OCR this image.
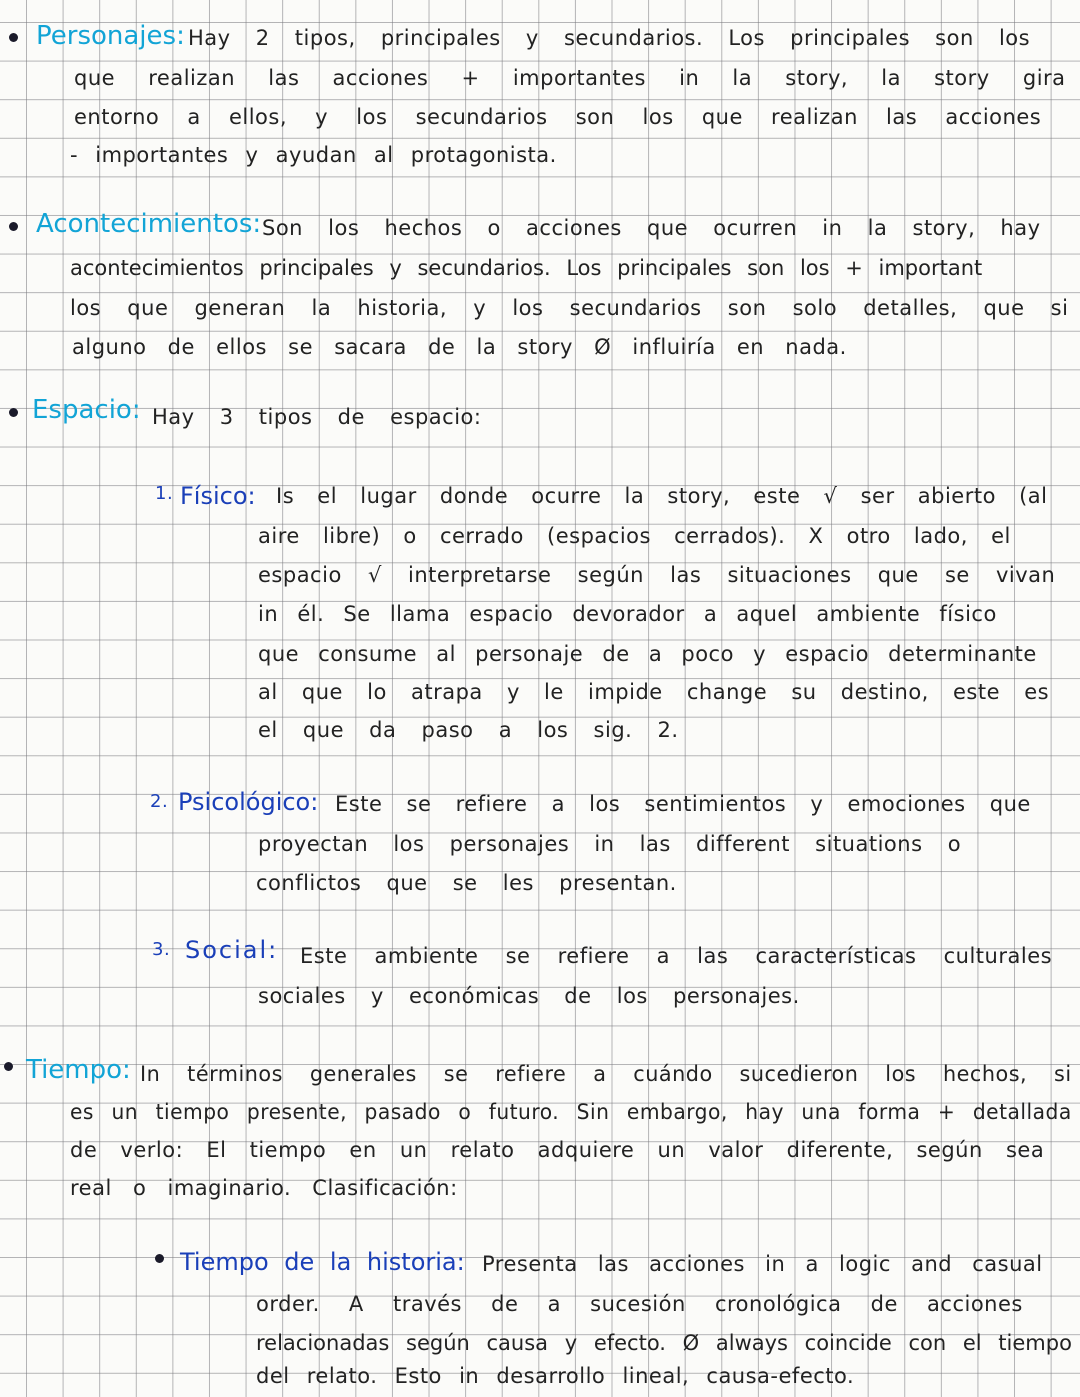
Personajes: Hay 2 tipos, principales y secundarios. Los principales son los
que realizan las acciones + importantes in la story, la story gira
entorno a ellos, y los secundarios son los que realizan las acciones
- importantes y ayudan al protagonista.
Acontecimientos: Son los hechos o acciones que ocurren in la story, hay
acontecimientos principales y secundarios. Los principales son los + important
los que generan la historia, y los secundarios son solo detalles, que si
alguno de ellos se sacara de la story Ø influiría en nada.
Espacio: Hay 3 tipos de espacio:
1. Físico: Is el lugar donde ocurre la story, este √ ser abierto (al
aire libre) o cerrado (espacios cerrados). X otro lado, el
espacio √ interpretarse según las situaciones que se vivan
in él. Se llama espacio devorador a aquel ambiente físico
que consume al personaje de a poco y espacio determinante
al que lo atrapa y le impide change su destino, este es
el que da paso a los sig. 2.
2. Psicológico: Este se refiere a los sentimientos y emociones que
proyectan los personajes in las different situations o
conflictos que se les presentan.
3. Social: Este ambiente se refiere a las características culturales
sociales y económicas de los personajes.
Tiempo: In términos generales se refiere a cuándo sucedieron los hechos, si
es un tiempo presente, pasado o futuro. Sin embargo, hay una forma + detallada
de verlo: El tiempo en un relato adquiere un valor diferente, según sea
real o imaginario. Clasificación:
Tiempo de la historia: Presenta las acciones in a logic and casual
order. A través de a sucesión cronológica de acciones
relacionadas según causa y efecto. Ø always coincide con el tiempo
del relato. Esto in desarrollo lineal, causa-efecto.
